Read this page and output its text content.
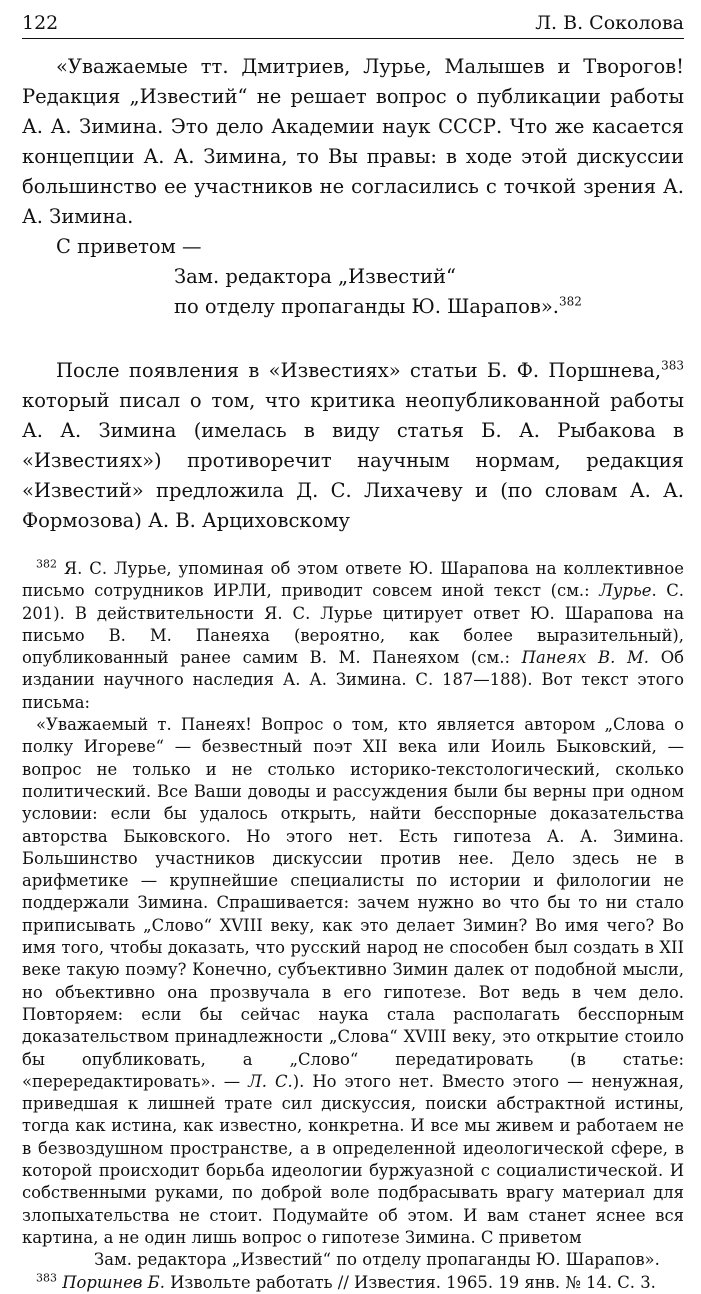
122	Л. В. Соколова

«Уважаемые тт. Дмитриев, Лурье, Малышев и Творогов! Редакция „Известий“ не решает вопрос о публикации работы А. А. Зимина. Это дело Академии наук СССР. Что же касается концепции А. А. Зимина, то Вы правы: в ходе этой дискуссии большинство ее участников не согласились с точкой зрения А. А. Зимина.

С приветом —

Зам. редактора „Известий“

по отделу пропаганды Ю. Шарапов».$^{382}$

После появления в «Известиях» статьи Б. Ф. Поршнева,$^{383}$ который писал о том, что критика неопубликованной работы А. А. Зимина (имелась в виду статья Б. А. Рыбакова в «Известиях») противоречит научным нормам, редакция «Известий» предложила Д. С. Лихачеву и (по словам А. А. Формозова) А. В. Арциховскому

$^{382}$ Я. С. Лурье, упоминая об этом ответе Ю. Шарапова на коллективное письмо сотрудников ИРЛИ, приводит совсем иной текст (см.: Лурье. С. 201). В действительности Я. С. Лурье цитирует ответ Ю. Шарапова на письмо В. М. Панеяха (вероятно, как более выразительный), опубликованный ранее самим В. М. Панеяхом (см.: Панеях В. М. Об издании научного наследия А. А. Зимина. С. 187—188). Вот текст этого письма:

«Уважаемый т. Панеях! Вопрос о том, кто является автором „Слова о полку Игореве“ — безвестный поэт XII века или Иоиль Быковский, — вопрос не только и не столько историко-текстологический, сколько политический. Все Ваши доводы и рассуждения были бы верны при одном условии: если бы удалось открыть, найти бесспорные доказательства авторства Быковского. Но этого нет. Есть гипотеза А. А. Зимина. Большинство участников дискуссии против нее. Дело здесь не в арифметике — крупнейшие специалисты по истории и филологии не поддержали Зимина. Спрашивается: зачем нужно во что бы то ни стало приписывать „Слово“ XVIII веку, как это делает Зимин? Во имя чего? Во имя того, чтобы доказать, что русский народ не способен был создать в XII веке такую поэму? Конечно, субъективно Зимин далек от подобной мысли, но объективно она прозвучала в его гипотезе. Вот ведь в чем дело. Повторяем: если бы сейчас наука стала располагать бесспорным доказательством принадлежности „Слова“ XVIII веку, это открытие стоило бы опубликовать, а „Слово“ передатировать (в статье: «перередактировать». — Л. С.). Но этого нет. Вместо этого — ненужная, приведшая к лишней трате сил дискуссия, поиски абстрактной истины, тогда как истина, как известно, конкретна. И все мы живем и работаем не в безвоздушном пространстве, а в определенной идеологической сфере, в которой происходит борьба идеологии буржуазной с социалистической. И собственными руками, по доброй воле подбрасывать врагу материал для злопыхательства не стоит. Подумайте об этом. И вам станет яснее вся картина, а не один лишь вопрос о гипотезе Зимина. С приветом

Зам. редактора „Известий“ по отделу пропаганды Ю. Шарапов».

$^{383}$ Поршнев Б. Извольте работать // Известия. 1965. 19 янв. № 14. С. 3.
